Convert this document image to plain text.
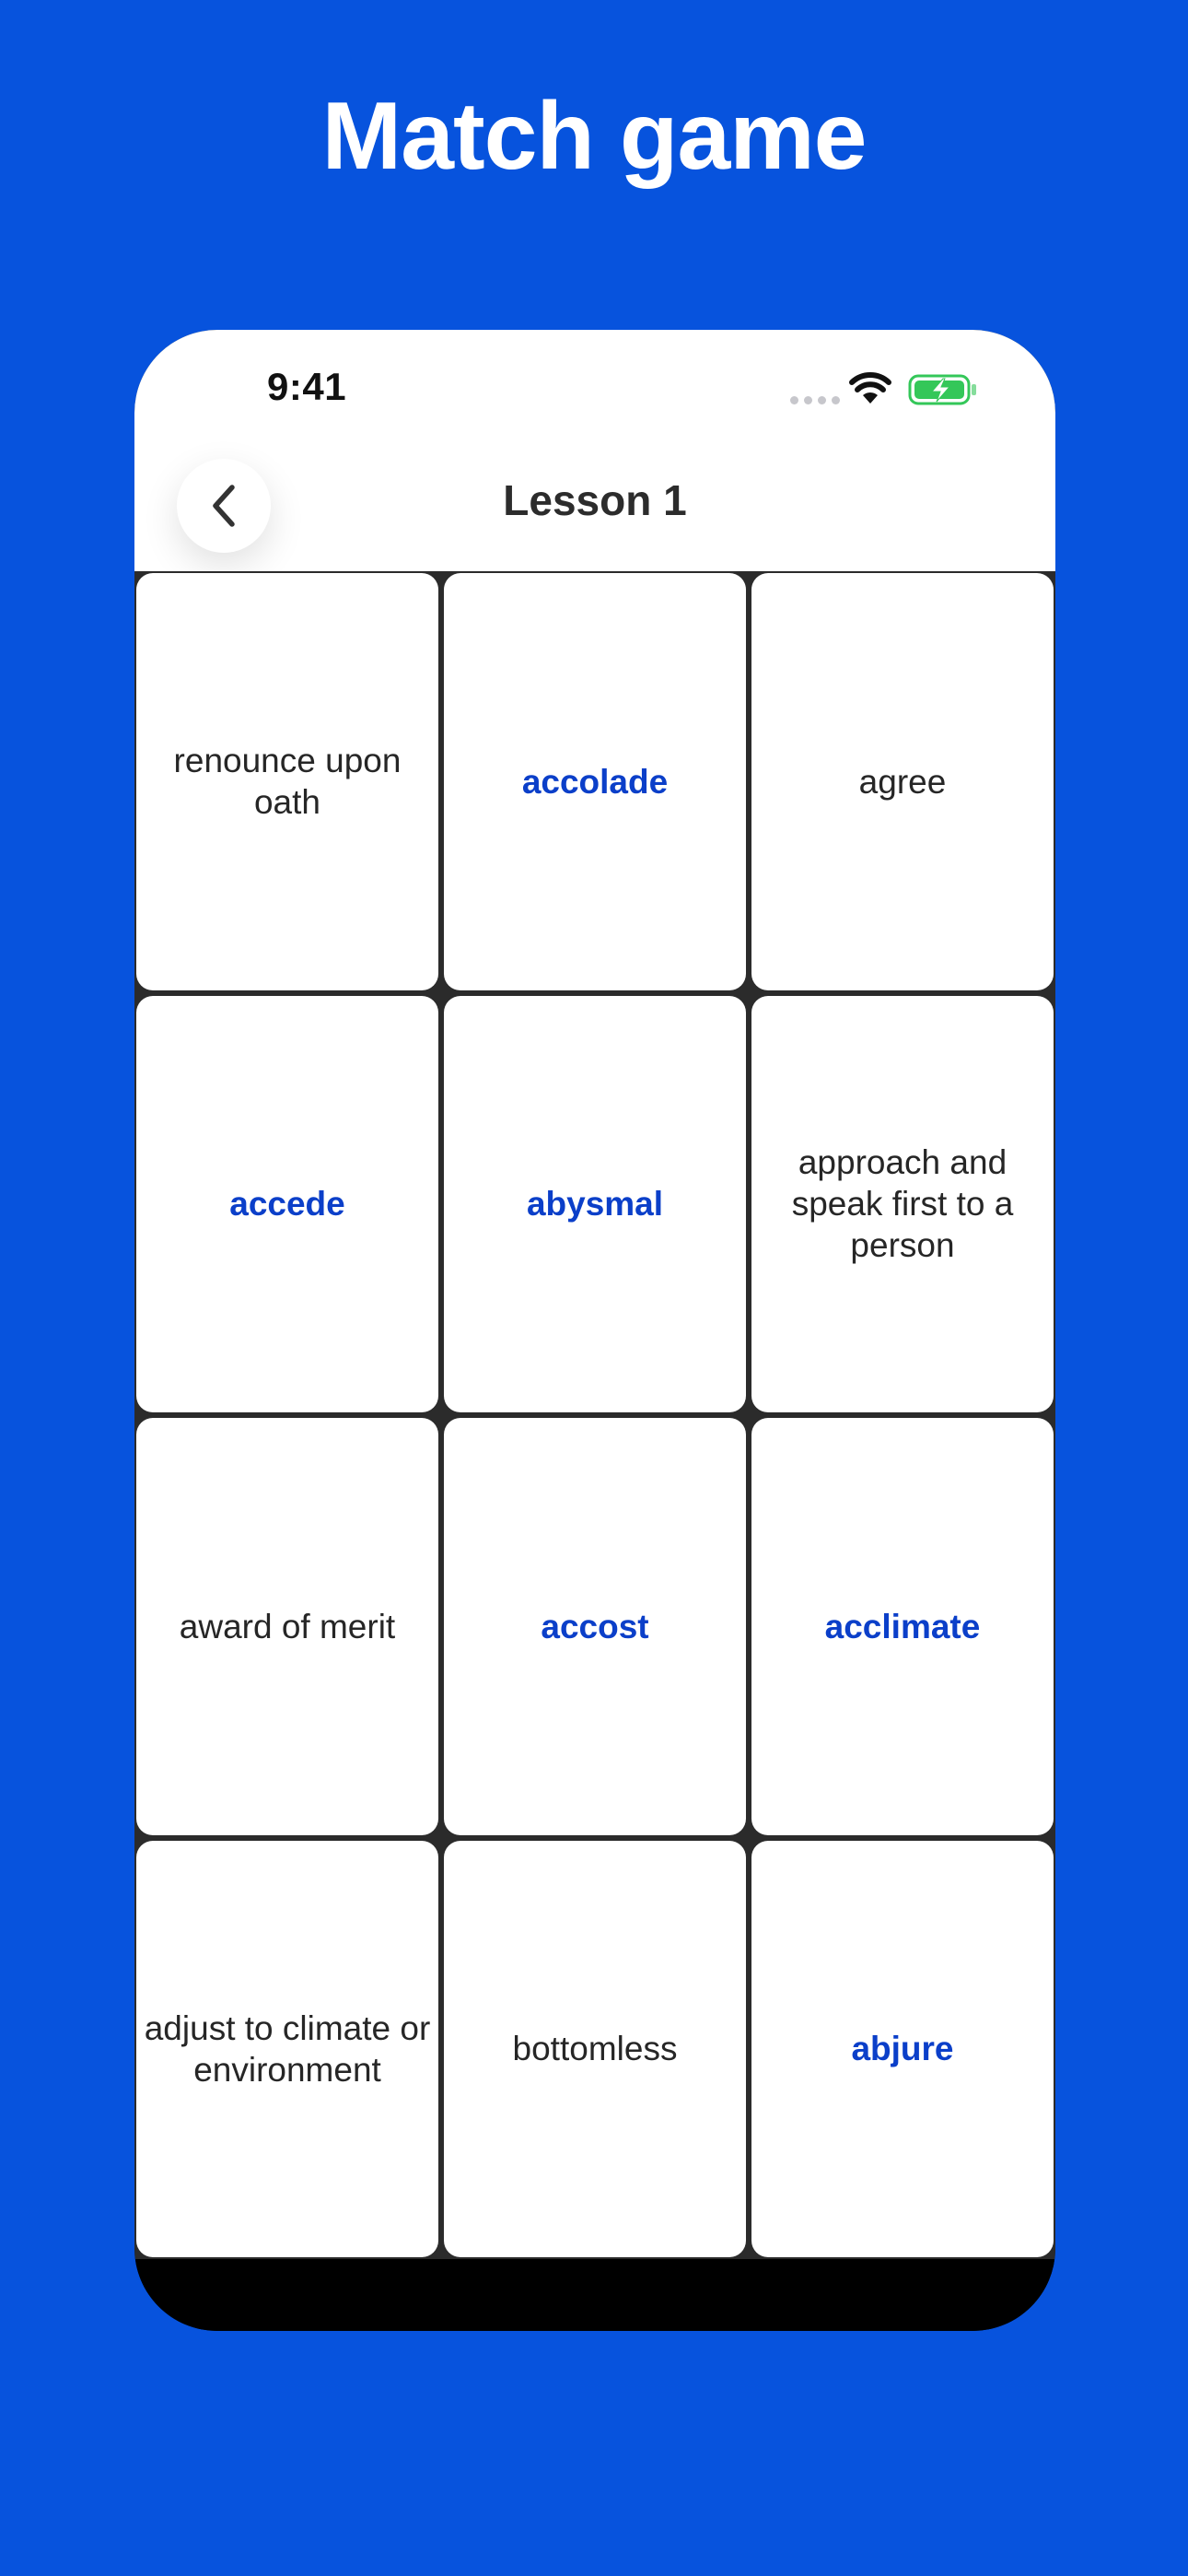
Match game
9:41
Lesson 1
renounce upon oath
accolade	agree
accede	abysmal
approach and speak first to a person
award of merit	accost	acclimate
adjust to climate or environment
bottomless	abjure
